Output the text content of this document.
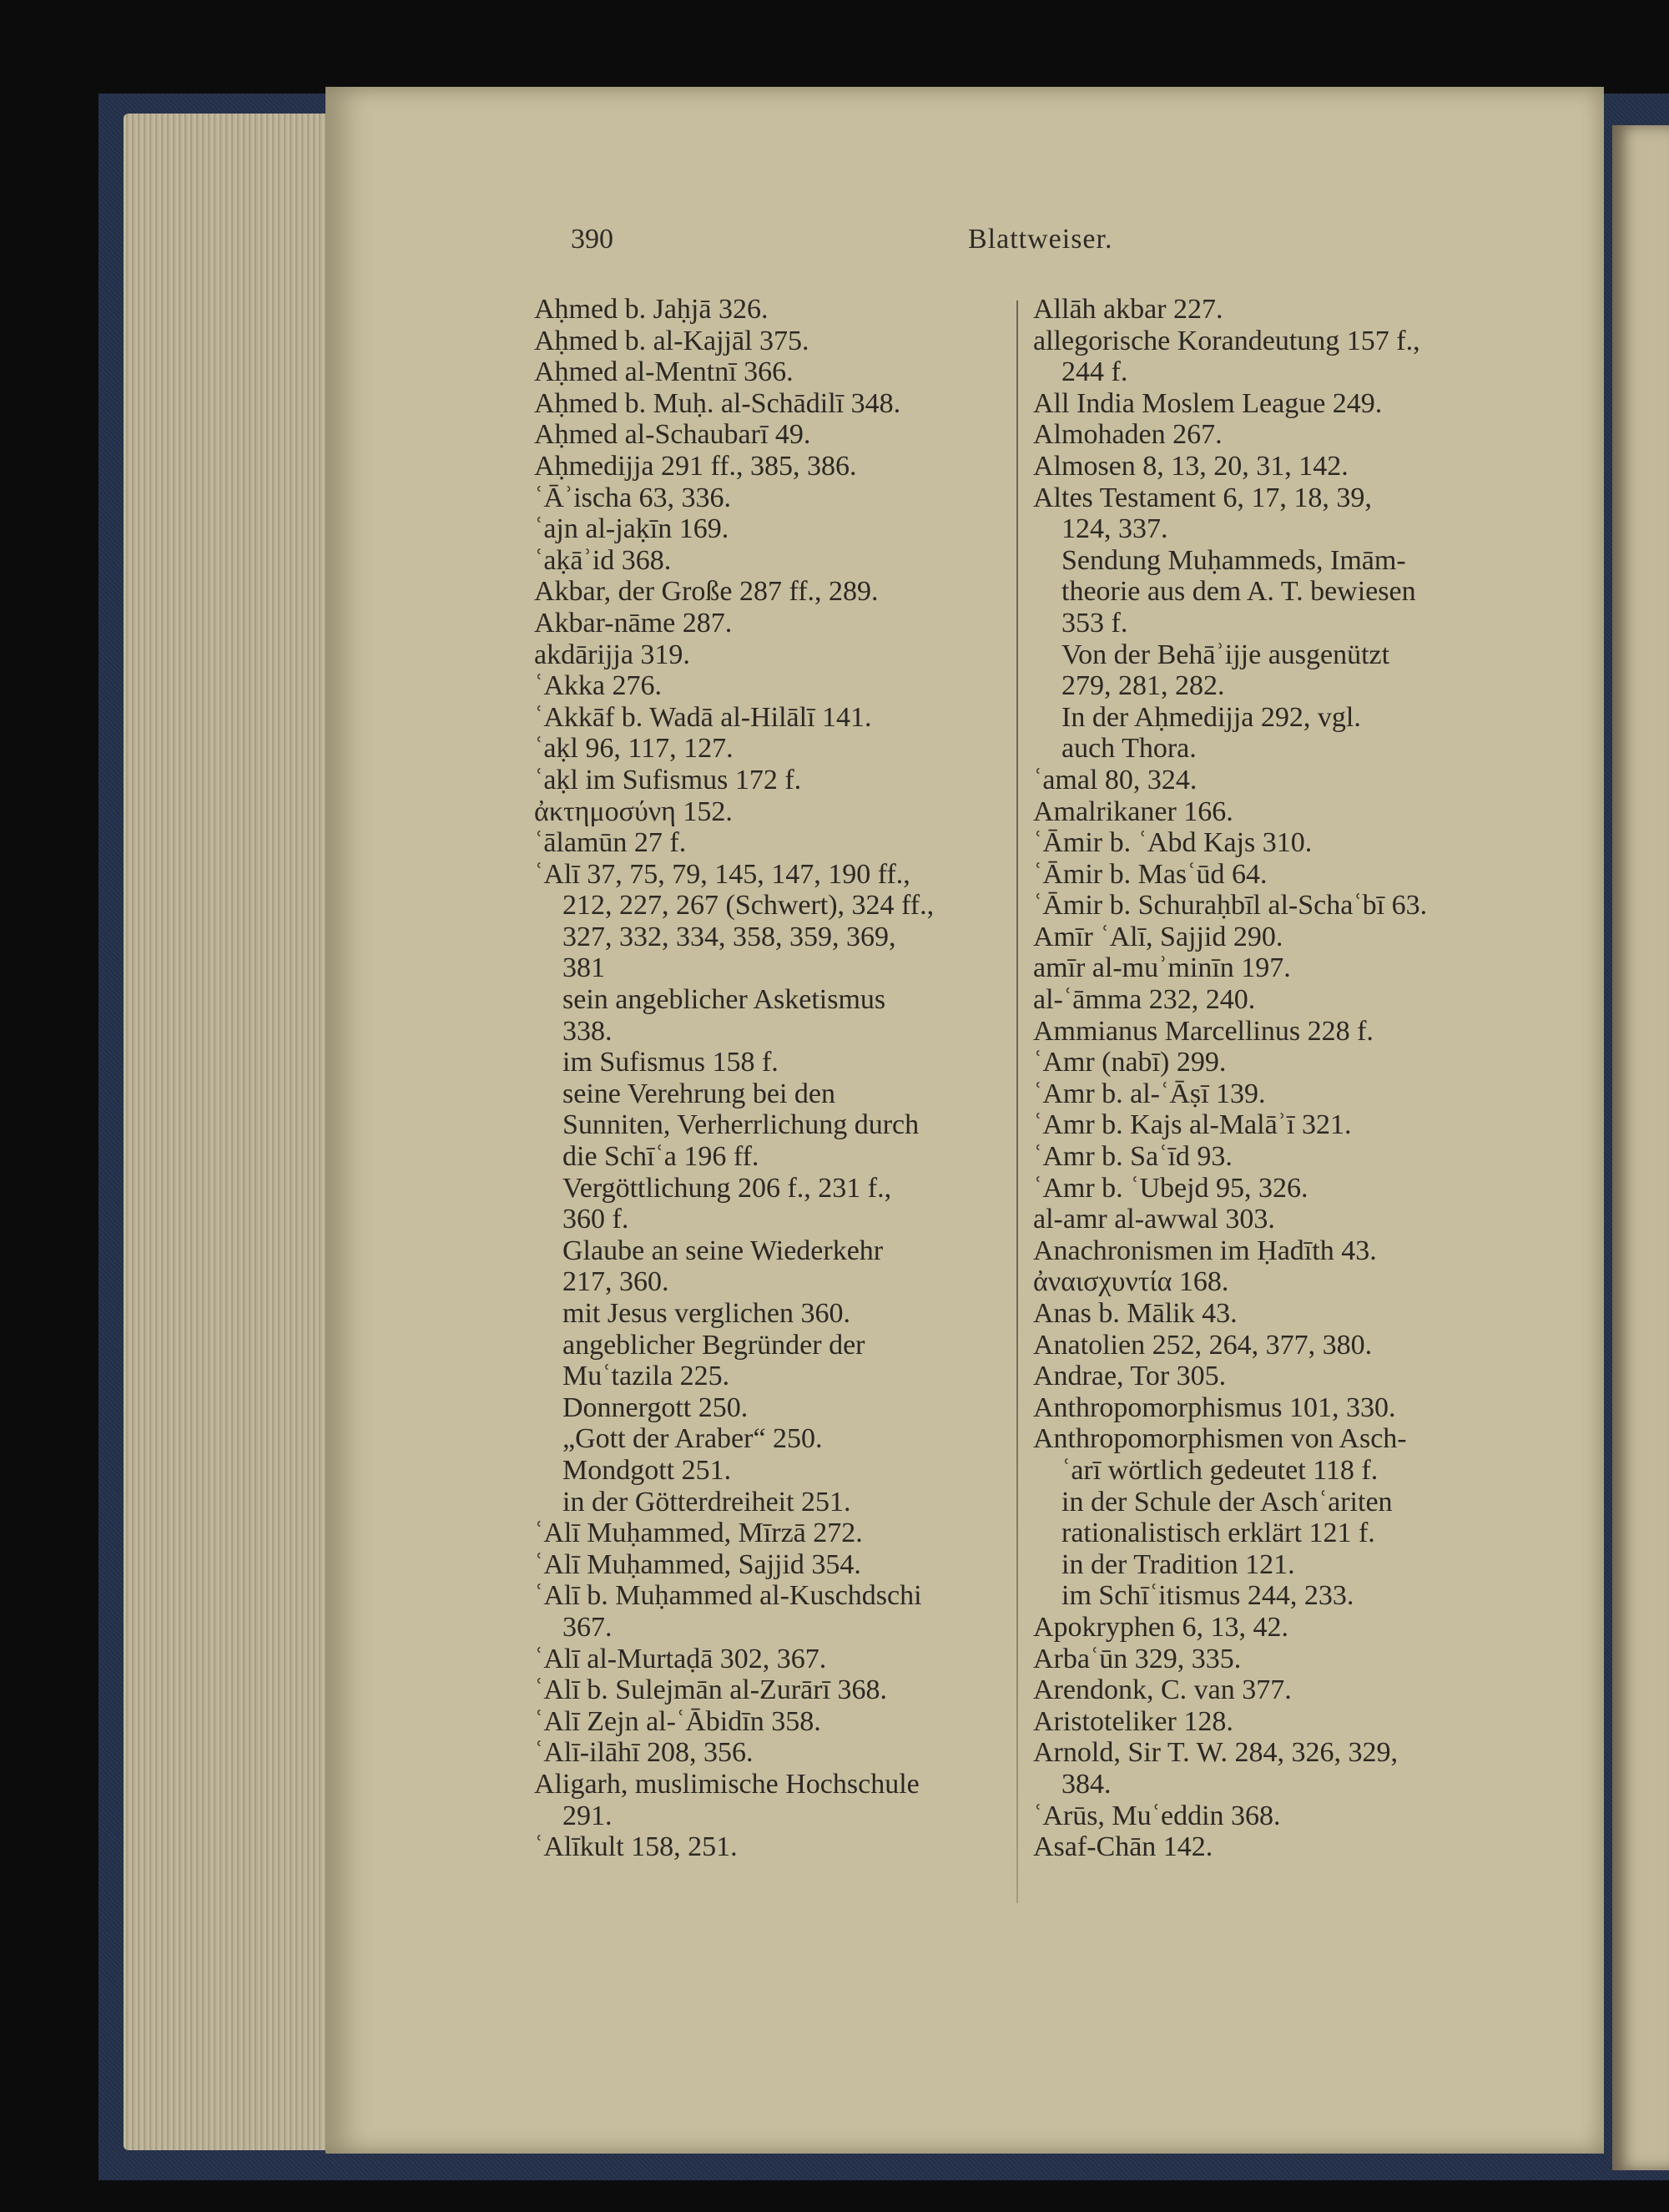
390	Blattweiser.
Aḥmed b. Jaḥjā 326.
Aḥmed b. al-Kajjāl 375.
Aḥmed al-Mentnī 366.
Aḥmed b. Muḥ. al-Schādilī 348.
Aḥmed al-Schaubarī 49.
Aḥmedijja 291 ff., 385, 386.
ʿĀʾischa 63, 336.
ʿajn al-jaḳīn 169.
ʿaḳāʾid 368.
Akbar, der Große 287 ff., 289.
Akbar-nāme 287.
akdārijja 319.
ʿAkka 276.
ʿAkkāf b. Wadā al-Hilālī 141.
ʿaḳl 96, 117, 127.
ʿaḳl im Sufismus 172 f.
ἀκτημοσύνη 152.
ʿālamūn 27 f.
ʿAlī 37, 75, 79, 145, 147, 190 ff.,
212, 227, 267 (Schwert), 324 ff.,
327, 332, 334, 358, 359, 369,
381
sein angeblicher Asketismus
338.
im Sufismus 158 f.
seine Verehrung bei den
Sunniten, Verherrlichung durch
die Schīʿa 196 ff.
Vergöttlichung 206 f., 231 f.,
360 f.
Glaube an seine Wiederkehr
217, 360.
mit Jesus verglichen 360.
angeblicher Begründer der
Muʿtazila 225.
Donnergott 250.
„Gott der Araber“ 250.
Mondgott 251.
in der Götterdreiheit 251.
ʿAlī Muḥammed, Mīrzā 272.
ʿAlī Muḥammed, Sajjid 354.
ʿAlī b. Muḥammed al-Kuschdschi
367.
ʿAlī al-Murtaḍā 302, 367.
ʿAlī b. Sulejmān al-Zurārī 368.
ʿAlī Zejn al-ʿĀbidīn 358.
ʿAlī-ilāhī 208, 356.
Aligarh, muslimische Hochschule
291.
ʿAlīkult 158, 251.
Allāh akbar 227.
allegorische Korandeutung 157 f.,
244 f.
All India Moslem League 249.
Almohaden 267.
Almosen 8, 13, 20, 31, 142.
Altes Testament 6, 17, 18, 39,
124, 337.
Sendung Muḥammeds, Imām-
theorie aus dem A. T. bewiesen
353 f.
Von der Behāʾijje ausgenützt
279, 281, 282.
In der Aḥmedijja 292, vgl.
auch Thora.
ʿamal 80, 324.
Amalrikaner 166.
ʿĀmir b. ʿAbd Kajs 310.
ʿĀmir b. Masʿūd 64.
ʿĀmir b. Schuraḥbīl al-Schaʿbī 63.
Amīr ʿAlī, Sajjid 290.
amīr al-muʾminīn 197.
al-ʿāmma 232, 240.
Ammianus Marcellinus 228 f.
ʿAmr (nabī) 299.
ʿAmr b. al-ʿĀṣī 139.
ʿAmr b. Kajs al-Malāʾī 321.
ʿAmr b. Saʿīd 93.
ʿAmr b. ʿUbejd 95, 326.
al-amr al-awwal 303.
Anachronismen im Ḥadīth 43.
ἀναισχυντία 168.
Anas b. Mālik 43.
Anatolien 252, 264, 377, 380.
Andrae, Tor 305.
Anthropomorphismus 101, 330.
Anthropomorphismen von Asch-
ʿarī wörtlich gedeutet 118 f.
in der Schule der Aschʿariten
rationalistisch erklärt 121 f.
in der Tradition 121.
im Schīʿitismus 244, 233.
Apokryphen 6, 13, 42.
Arbaʿūn 329, 335.
Arendonk, C. van 377.
Aristoteliker 128.
Arnold, Sir T. W. 284, 326, 329,
384.
ʿArūs, Muʿeddin 368.
Asaf-Chān 142.
